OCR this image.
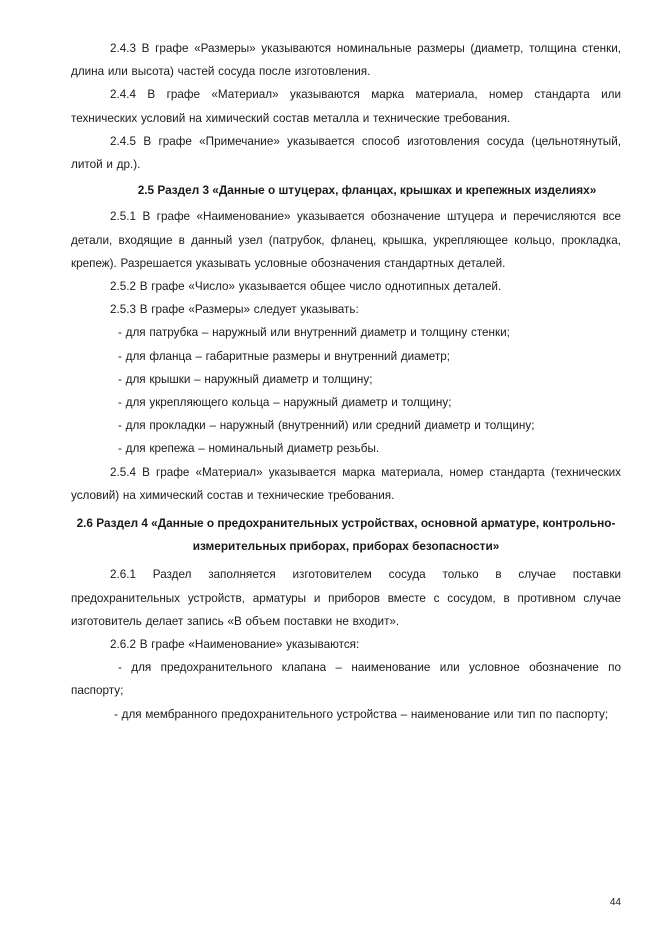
2.4.3 В графе «Размеры» указываются номинальные размеры (диаметр, толщина стенки, длина или высота) частей сосуда после изготовления.

2.4.4 В графе «Материал» указываются марка материала, номер стандарта или технических условий на химический состав металла и технические требования.

2.4.5 В графе «Примечание» указывается способ изготовления сосуда (цельнотянутый, литой и др.).

2.5 Раздел 3 «Данные о штуцерах, фланцах, крышках и крепежных изделиях»

2.5.1 В графе «Наименование» указывается обозначение штуцера и перечисляются все детали, входящие в данный узел (патрубок, фланец, крышка, укрепляющее кольцо, прокладка, крепеж). Разрешается указывать условные обозначения стандартных деталей.

2.5.2 В графе «Число» указывается общее число однотипных деталей.

2.5.3 В графе «Размеры» следует указывать:

- для патрубка – наружный или внутренний диаметр и толщину стенки;

- для фланца – габаритные размеры и внутренний диаметр;

- для крышки – наружный диаметр и толщину;

- для укрепляющего кольца – наружный диаметр и толщину;

- для прокладки – наружный (внутренний) или средний диаметр и толщину;

- для крепежа – номинальный диаметр резьбы.

2.5.4 В графе «Материал» указывается марка материала, номер стандарта (технических условий) на химический состав и технические требования.

2.6 Раздел 4 «Данные о предохранительных устройствах, основной арматуре, контрольно-измерительных приборах, приборах безопасности»

2.6.1 Раздел заполняется изготовителем сосуда только в случае поставки предохранительных устройств, арматуры и приборов вместе с сосудом, в противном случае изготовитель делает запись «В объем поставки не входит».

2.6.2 В графе «Наименование» указываются:

- для предохранительного клапана – наименование или условное обозначение по паспорту;

- для мембранного предохранительного устройства – наименование или тип по паспорту;

44
